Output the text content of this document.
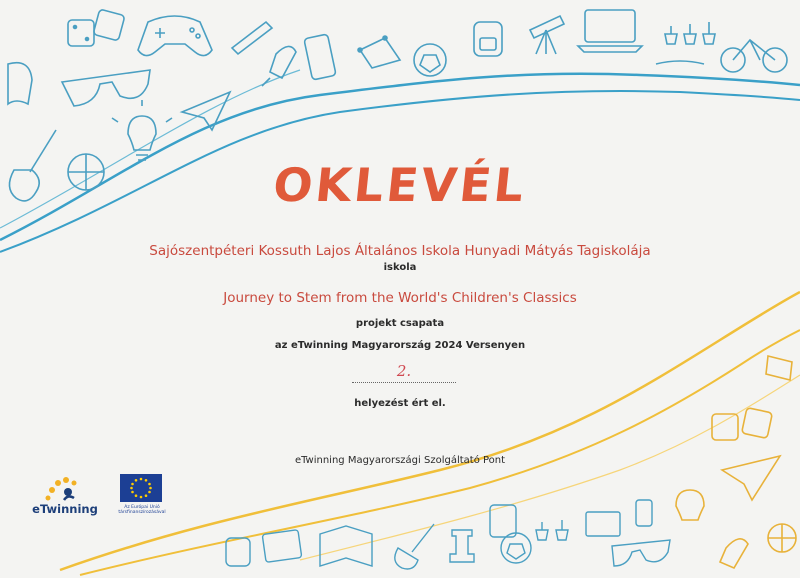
OKLEVÉL
Sajószentpéteri Kossuth Lajos Általános Iskola Hunyadi Mátyás Tagiskolája
iskola
Journey to Stem from the World's Children's Classics
projekt csapata
az eTwinning Magyarország 2024 Versenyen
2.
helyezést ért el.
eTwinning Magyarországi Szolgáltató Pont
eTwinning	Az Európai Unió társfinanszírozásával
